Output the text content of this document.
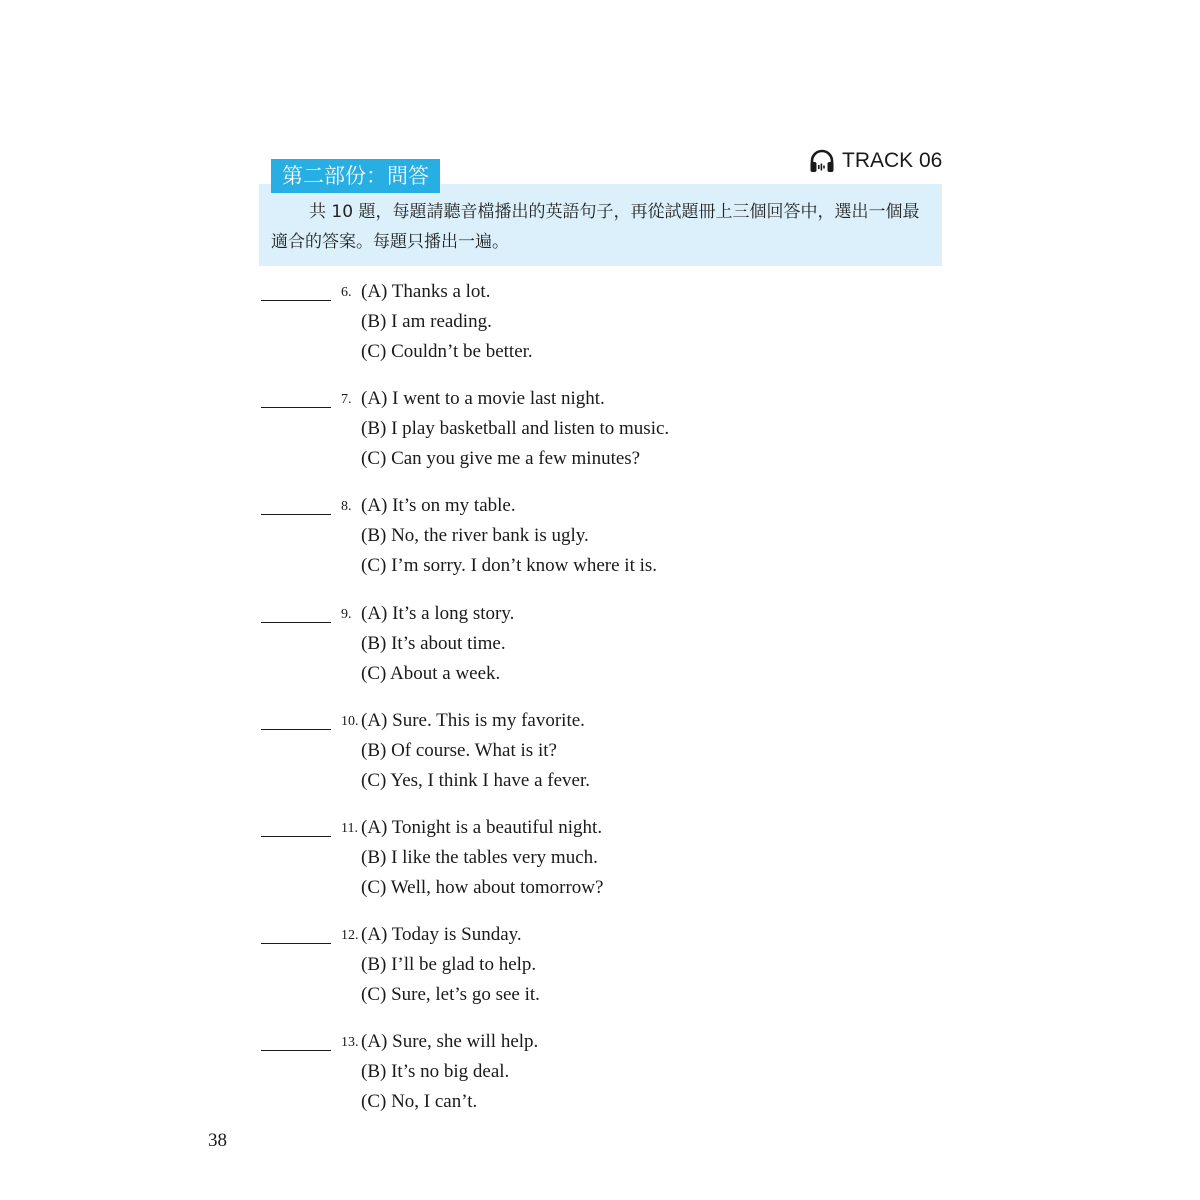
TRACK 06
第二部份：問答
共 10 題，每題請聽音檔播出的英語句子，再從試題冊上三個回答中，選出一個最適合的答案。每題只播出一遍。
6. (A) Thanks a lot.
(B) I am reading.
(C) Couldn’t be better.
7. (A) I went to a movie last night.
(B) I play basketball and listen to music.
(C) Can you give me a few minutes?
8. (A) It’s on my table.
(B) No, the river bank is ugly.
(C) I’m sorry. I don’t know where it is.
9. (A) It’s a long story.
(B) It’s about time.
(C) About a week.
10. (A) Sure. This is my favorite.
(B) Of course. What is it?
(C) Yes, I think I have a fever.
11. (A) Tonight is a beautiful night.
(B) I like the tables very much.
(C) Well, how about tomorrow?
12. (A) Today is Sunday.
(B) I’ll be glad to help.
(C) Sure, let’s go see it.
13. (A) Sure, she will help.
(B) It’s no big deal.
(C) No, I can’t.
38
